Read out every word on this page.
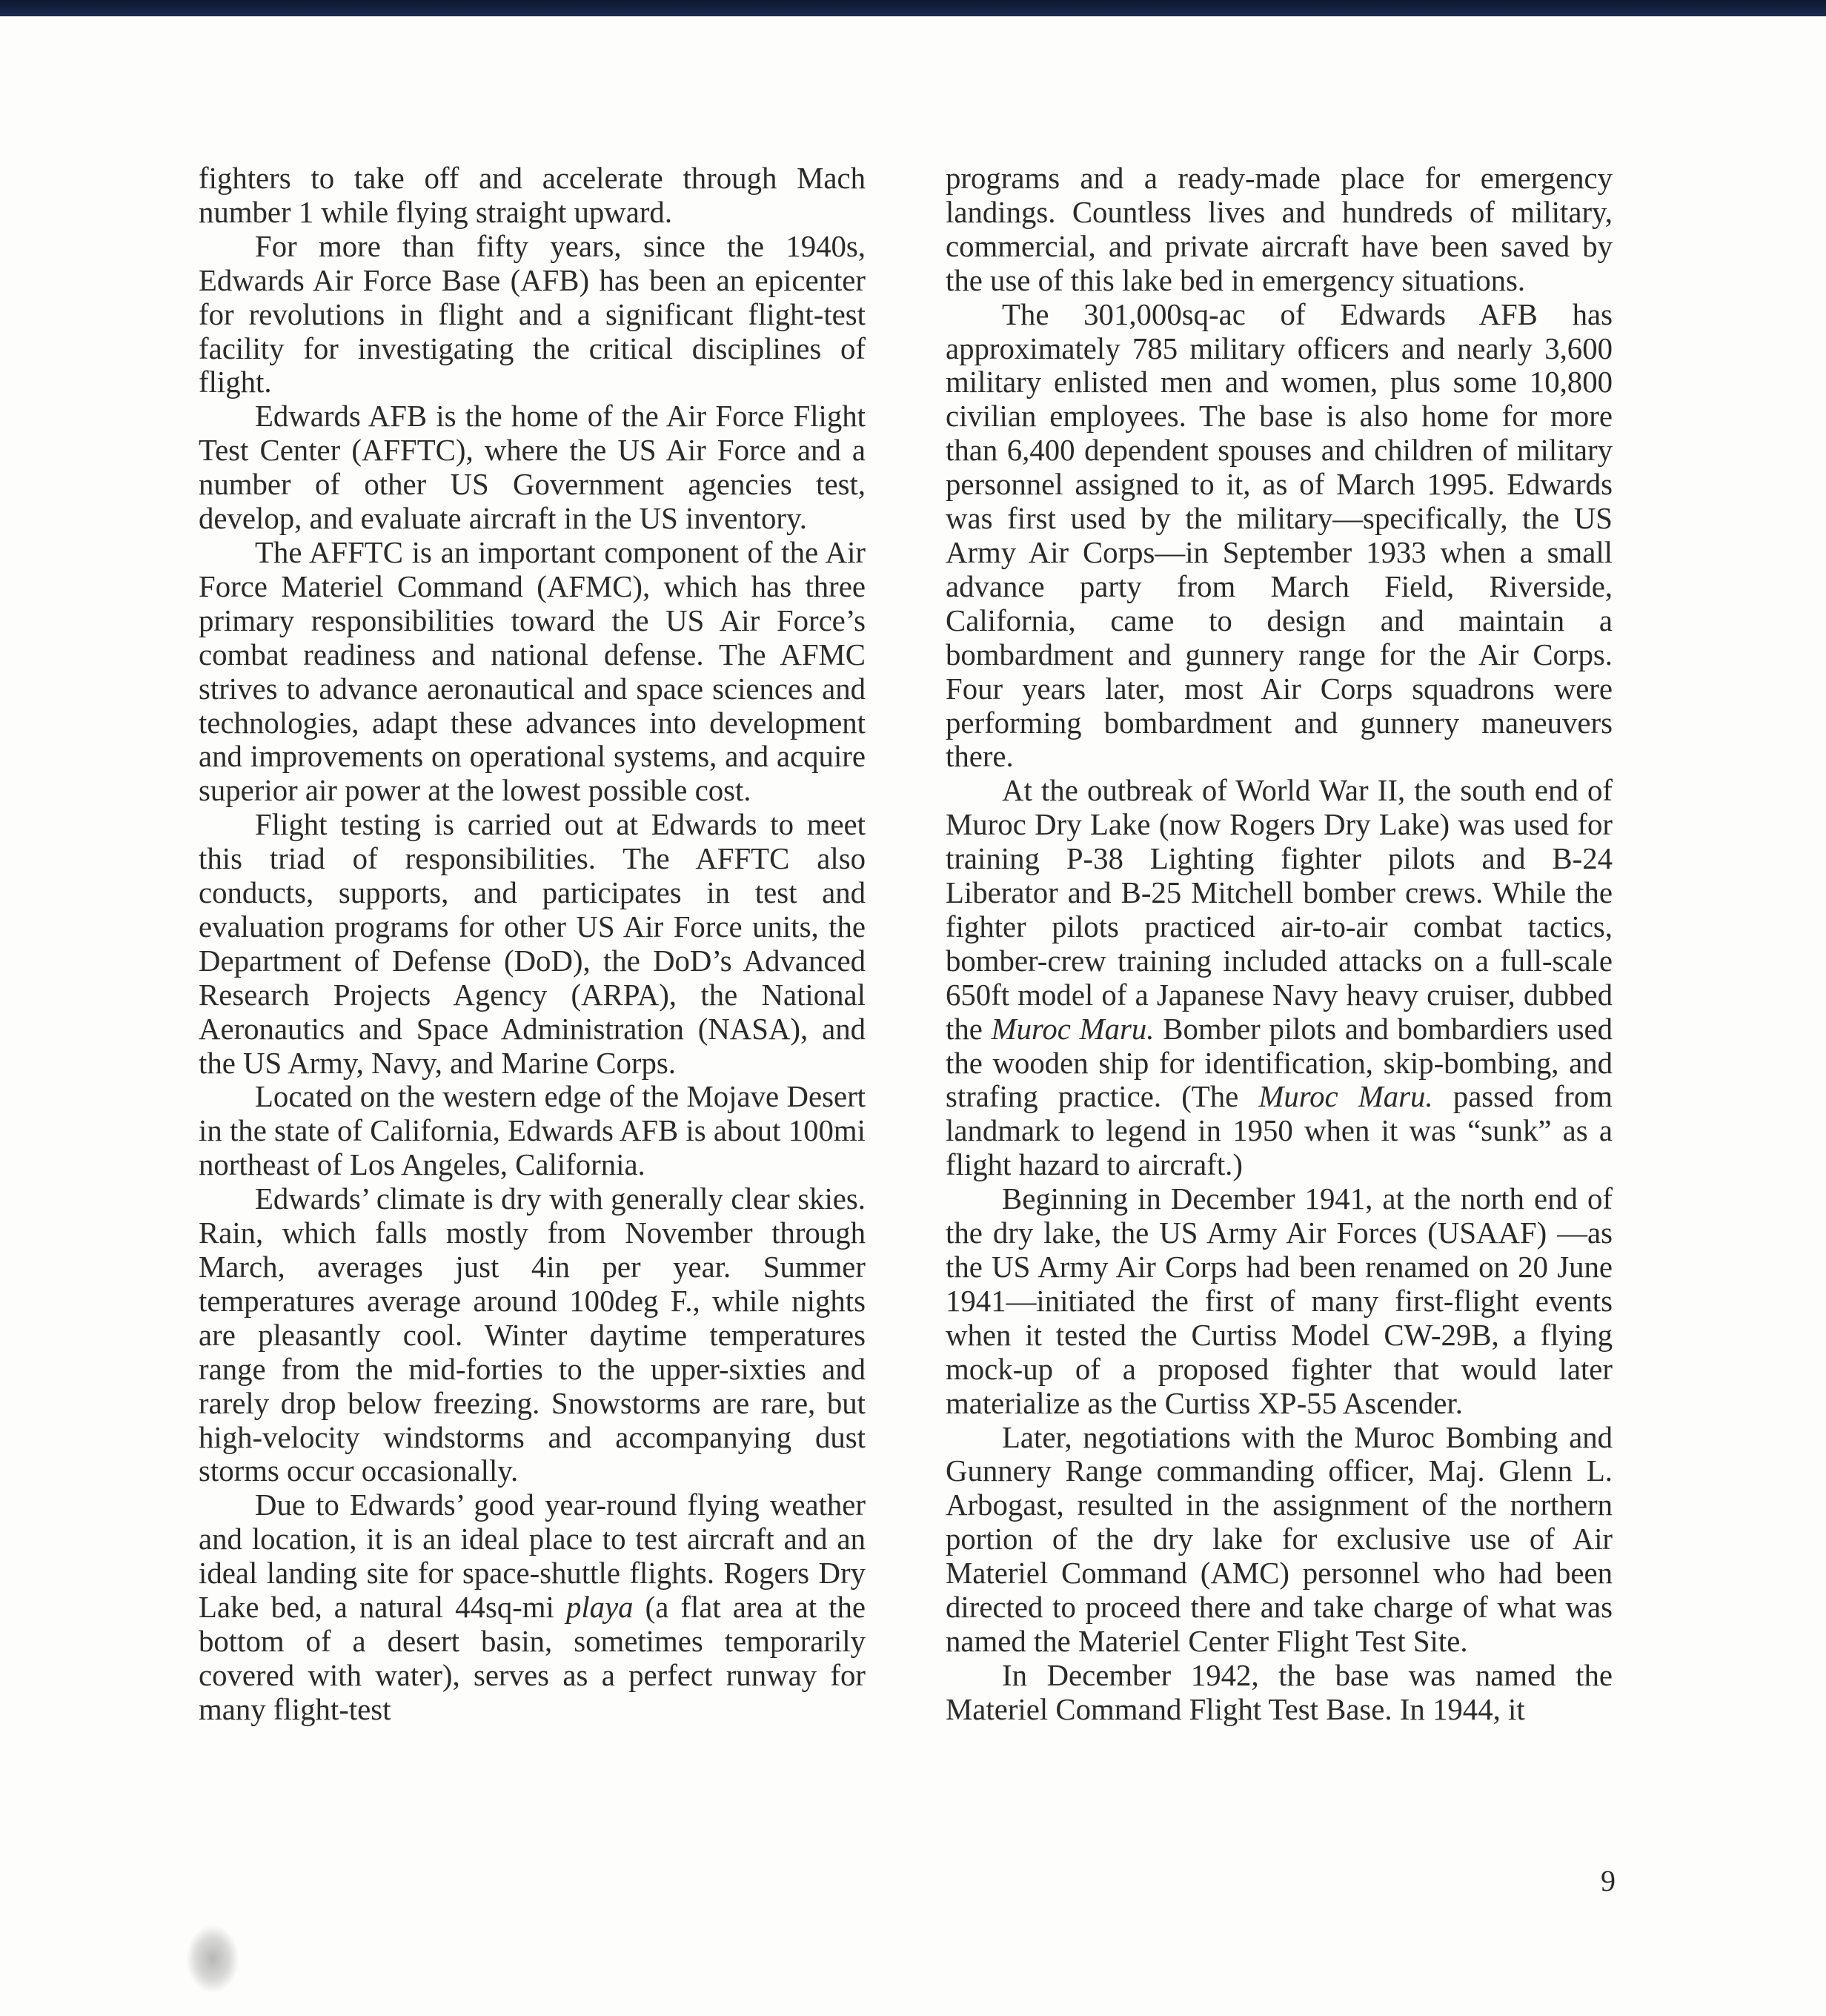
fighters to take off and accelerate through Mach number 1 while flying straight upward.

For more than fifty years, since the 1940s, Edwards Air Force Base (AFB) has been an epicenter for revolutions in flight and a significant flight-test facility for investigating the critical disciplines of flight.

Edwards AFB is the home of the Air Force Flight Test Center (AFFTC), where the US Air Force and a number of other US Government agencies test, develop, and evaluate aircraft in the US inventory.

The AFFTC is an important component of the Air Force Materiel Command (AFMC), which has three primary responsibilities toward the US Air Force’s combat readiness and national defense. The AFMC strives to advance aeronautical and space sciences and technologies, adapt these advances into development and improvements on operational systems, and acquire superior air power at the lowest possible cost.

Flight testing is carried out at Edwards to meet this triad of responsibilities. The AFFTC also conducts, supports, and participates in test and evaluation programs for other US Air Force units, the Department of Defense (DoD), the DoD’s Advanced Research Projects Agency (ARPA), the National Aeronautics and Space Administration (NASA), and the US Army, Navy, and Marine Corps.

Located on the western edge of the Mojave Desert in the state of California, Edwards AFB is about 100mi northeast of Los Angeles, California.

Edwards’ climate is dry with generally clear skies. Rain, which falls mostly from November through March, averages just 4in per year. Summer temperatures average around 100deg F., while nights are pleasantly cool. Winter daytime temperatures range from the mid-forties to the upper-sixties and rarely drop below freezing. Snowstorms are rare, but high-velocity windstorms and accompanying dust storms occur occasionally.

Due to Edwards’ good year-round flying weather and location, it is an ideal place to test aircraft and an ideal landing site for space-shuttle flights. Rogers Dry Lake bed, a natural 44sq-mi playa (a flat area at the bottom of a desert basin, sometimes temporarily covered with water), serves as a perfect runway for many flight-test

programs and a ready-made place for emergency landings. Countless lives and hundreds of military, commercial, and private aircraft have been saved by the use of this lake bed in emergency situations.

The 301,000sq-ac of Edwards AFB has approximately 785 military officers and nearly 3,600 military enlisted men and women, plus some 10,800 civilian employees. The base is also home for more than 6,400 dependent spouses and children of military personnel assigned to it, as of March 1995. Edwards was first used by the military—specifically, the US Army Air Corps—in September 1933 when a small advance party from March Field, Riverside, California, came to design and maintain a bombardment and gunnery range for the Air Corps. Four years later, most Air Corps squadrons were performing bombardment and gunnery maneuvers there.

At the outbreak of World War II, the south end of Muroc Dry Lake (now Rogers Dry Lake) was used for training P-38 Lighting fighter pilots and B-24 Liberator and B-25 Mitchell bomber crews. While the fighter pilots practiced air-to-air combat tactics, bomber-crew training included attacks on a full-scale 650ft model of a Japanese Navy heavy cruiser, dubbed the Muroc Maru. Bomber pilots and bombardiers used the wooden ship for identification, skip-bombing, and strafing practice. (The Muroc Maru. passed from landmark to legend in 1950 when it was “sunk” as a flight hazard to aircraft.)

Beginning in December 1941, at the north end of the dry lake, the US Army Air Forces (USAAF) —as the US Army Air Corps had been renamed on 20 June 1941—initiated the first of many first-flight events when it tested the Curtiss Model CW-29B, a flying mock-up of a proposed fighter that would later materialize as the Curtiss XP-55 Ascender.

Later, negotiations with the Muroc Bombing and Gunnery Range commanding officer, Maj. Glenn L. Arbogast, resulted in the assignment of the northern portion of the dry lake for exclusive use of Air Materiel Command (AMC) personnel who had been directed to proceed there and take charge of what was named the Materiel Center Flight Test Site.

In December 1942, the base was named the Materiel Command Flight Test Base. In 1944, it

9
